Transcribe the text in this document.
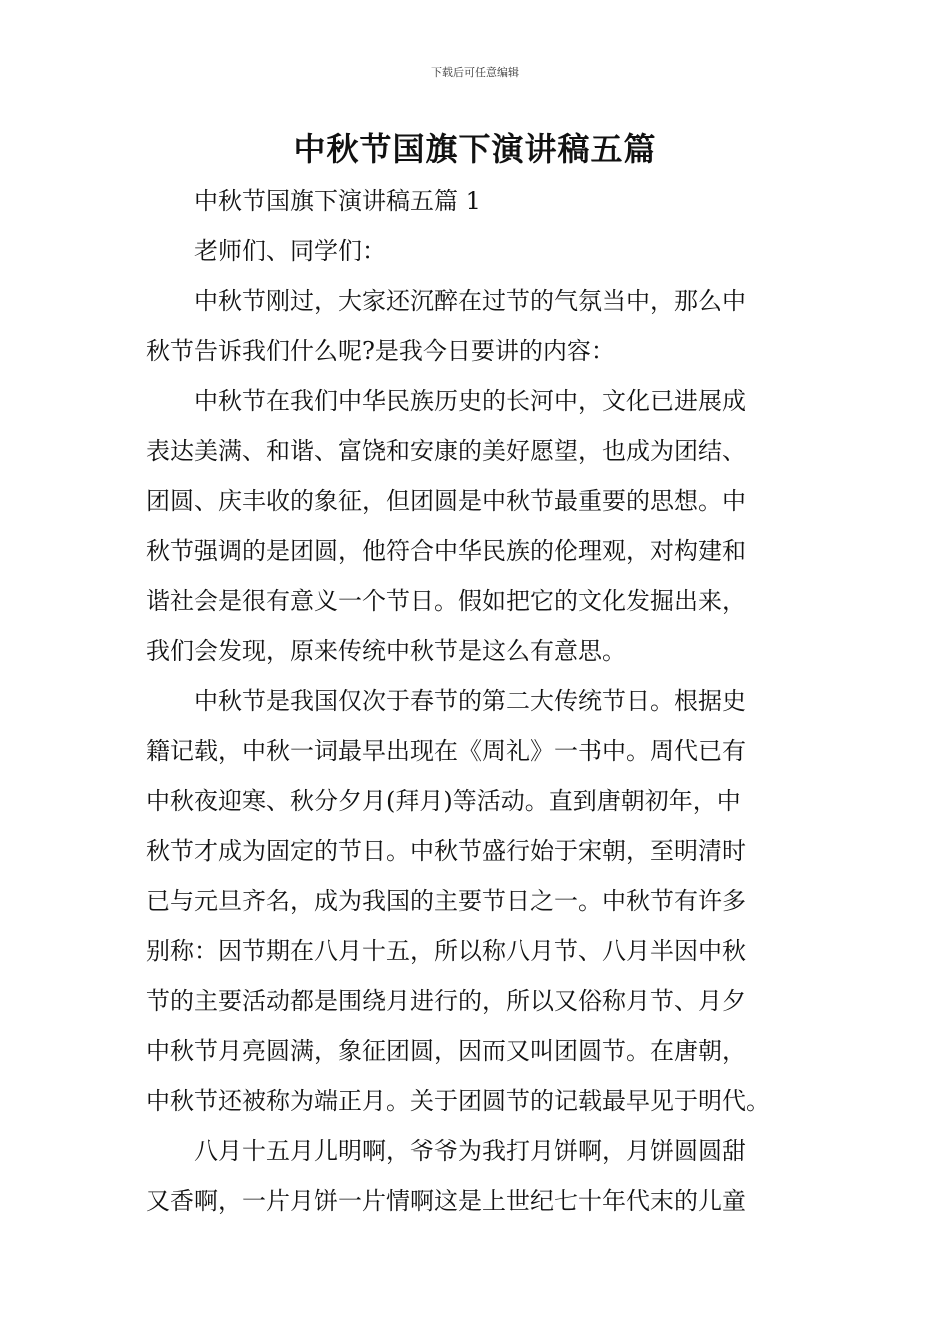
下载后可任意编辑
中秋节国旗下演讲稿五篇

中秋节国旗下演讲稿五篇 1

老师们、同学们：

中秋节刚过，大家还沉醉在过节的气氛当中，那么中
秋节告诉我们什么呢?是我今日要讲的内容：

中秋节在我们中华民族历史的长河中，文化已进展成
表达美满、和谐、富饶和安康的美好愿望，也成为团结、
团圆、庆丰收的象征，但团圆是中秋节最重要的思想。中
秋节强调的是团圆，他符合中华民族的伦理观，对构建和
谐社会是很有意义一个节日。假如把它的文化发掘出来，
我们会发现，原来传统中秋节是这么有意思。

中秋节是我国仅次于春节的第二大传统节日。根据史
籍记载，中秋一词最早出现在《周礼》一书中。周代已有
中秋夜迎寒、秋分夕月(拜月)等活动。直到唐朝初年，中
秋节才成为固定的节日。中秋节盛行始于宋朝，至明清时
已与元旦齐名，成为我国的主要节日之一。中秋节有许多
别称：因节期在八月十五，所以称八月节、八月半因中秋
节的主要活动都是围绕月进行的，所以又俗称月节、月夕
中秋节月亮圆满，象征团圆，因而又叫团圆节。在唐朝，
中秋节还被称为端正月。关于团圆节的记载最早见于明代。

八月十五月儿明啊，爷爷为我打月饼啊，月饼圆圆甜
又香啊，一片月饼一片情啊这是上世纪七十年代末的儿童
